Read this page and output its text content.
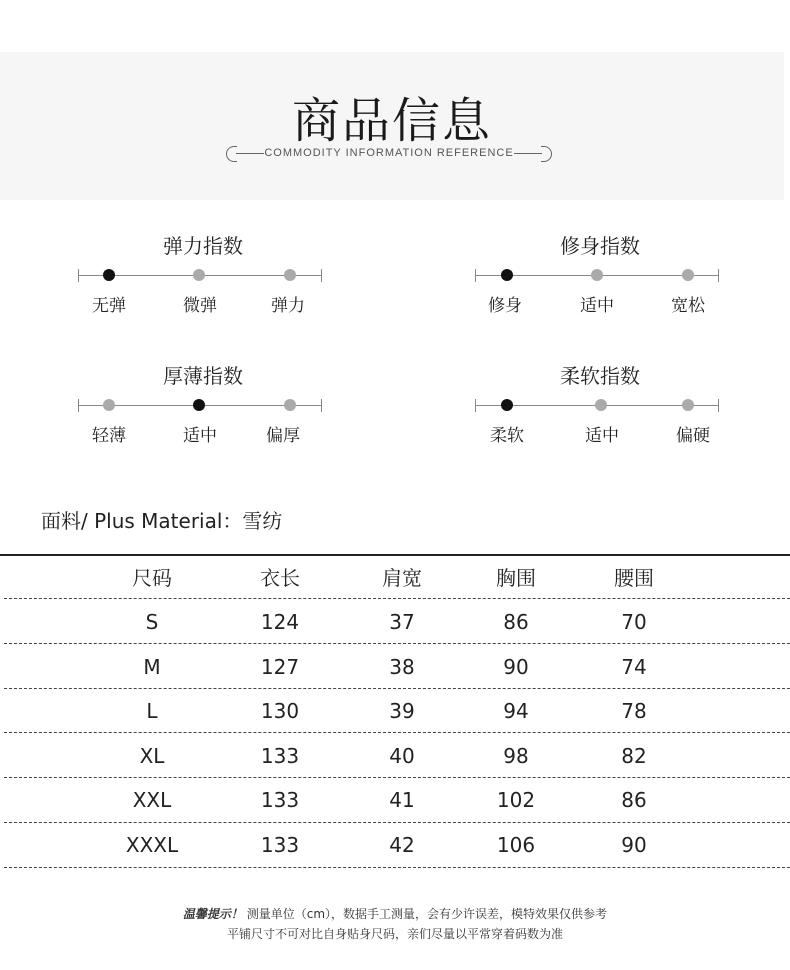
商品信息
COMMODITY INFORMATION REFERENCE
弹力指数
无弹	微弹	弹力
修身指数
修身	适中	宽松
厚薄指数
轻薄	适中	偏厚
柔软指数
柔软	适中	偏硬
面料/ Plus Material：雪纺
尺码	衣长	肩宽	胸围	腰围
S	124	37	86	70
M	127	38	90	74
L	130	39	94	78
XL	133	40	98	82
XXL	133	41	102	86
XXXL	133	42	106	90
温馨提示！ 测量单位（cm），数据手工测量，会有少许误差，模特效果仅供参考
平铺尺寸不可对比自身贴身尺码，亲们尽量以平常穿着码数为准
